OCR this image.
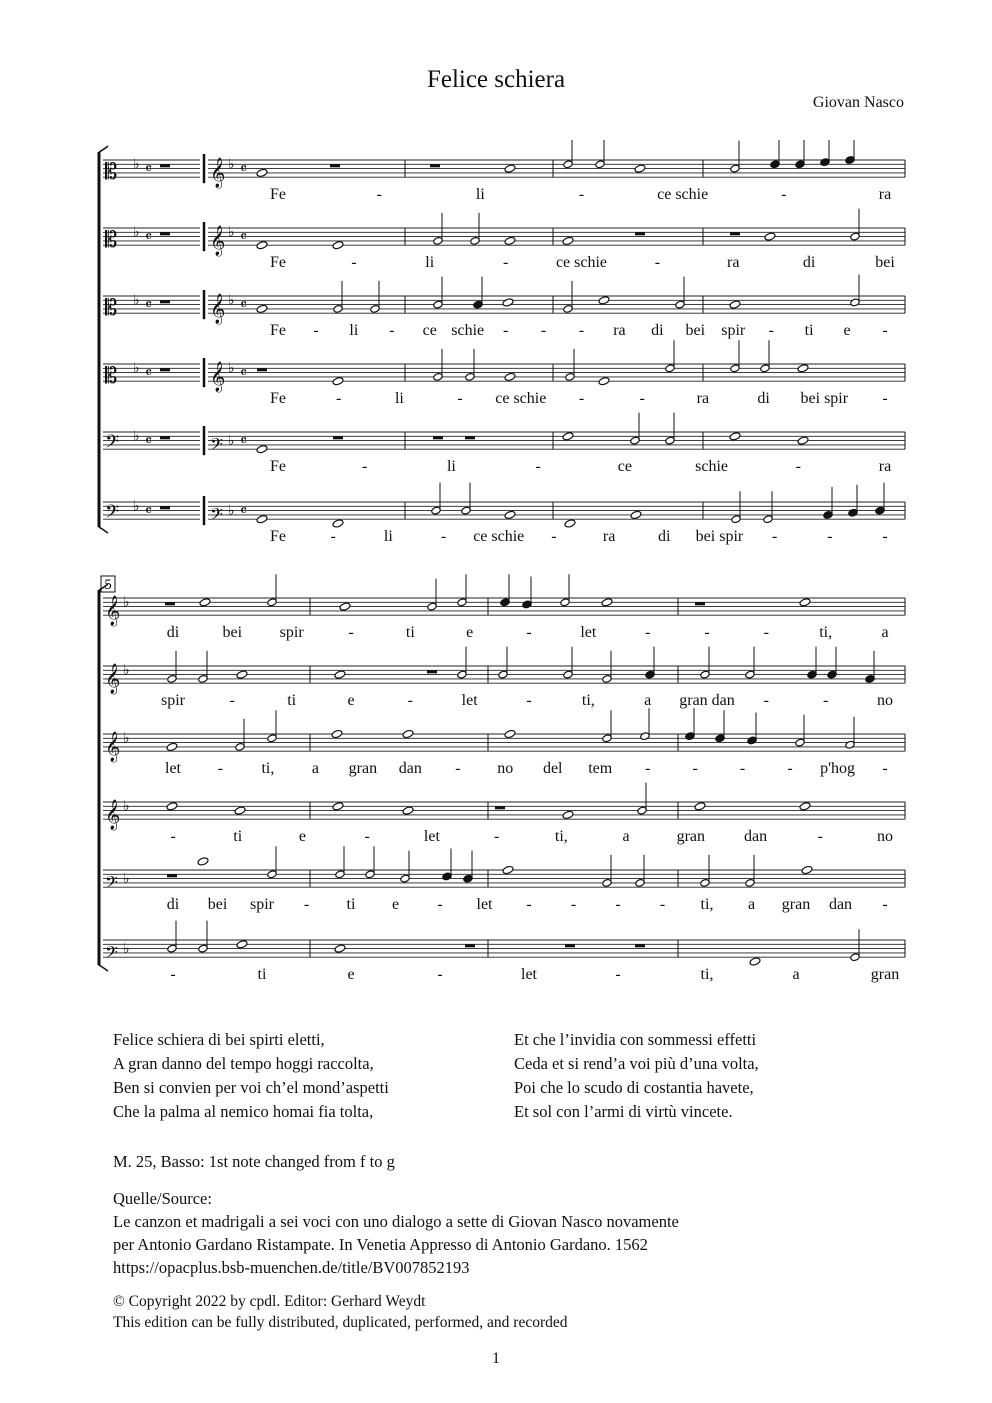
Felice schiera
Giovan Nasco
𝄡 ♭ 𝄴 𝄞 ♭ 𝄴
Fe	-	li	-	ce schie	-	ra
𝄡 ♭ 𝄴 𝄞 ♭ 𝄴
Fe	-	li	-	ce schie	-	ra	di	bei
𝄡 ♭ 𝄴 𝄞 ♭ 𝄴
Fe - li - ce schie - - - ra di bei spir - ti e -
𝄡 ♭ 𝄴 𝄞 ♭ 𝄴
Fe	-	li	- ce schie -	-	ra	di bei spir -
𝄢 ♭ 𝄴	𝄢 ♭ 𝄴
Fe	-	li	-	ce	schie	-	ra
𝄢 ♭ 𝄴	𝄢 ♭ 𝄴
Fe	-	li	- ce schie -	ra	di bei spir -	-	-
𝄞 ♭
di	bei spir	-	ti	e	-	let	-	-	-	ti,	a
𝄞 ♭
spir	-	ti	e	-	let	-	ti,	a gran dan -	-	no
𝄞 ♭
let - ti, a gran dan - no del tem -	-	-	- p'hog -
𝄞 ♭
-	ti	e	-	let	-	ti,	a	gran dan	-	no
𝄢 ♭
di bei spir - ti e - let - - - - ti, a gran dan -
𝄢 ♭
-	ti	e	-	let	-	ti,	a	gran
5
Felice schiera di bei spirti eletti,
A gran danno del tempo hoggi raccolta,
Ben si convien per voi ch’el mond’aspetti
Che la palma al nemico homai fia tolta,
Et che l’invidia con sommessi effetti
Ceda et si rend’a voi più d’una volta,
Poi che lo scudo di costantia havete,
Et sol con l’armi di virtù vincete.
M. 25, Basso: 1st note changed from f to g
Quelle/Source:
Le canzon et madrigali a sei voci con uno dialogo a sette di Giovan Nasco novamente
per Antonio Gardano Ristampate. In Venetia Appresso di Antonio Gardano. 1562
https://opacplus.bsb-muenchen.de/title/BV007852193
© Copyright 2022 by cpdl. Editor: Gerhard Weydt
This edition can be fully distributed, duplicated, performed, and recorded
1
